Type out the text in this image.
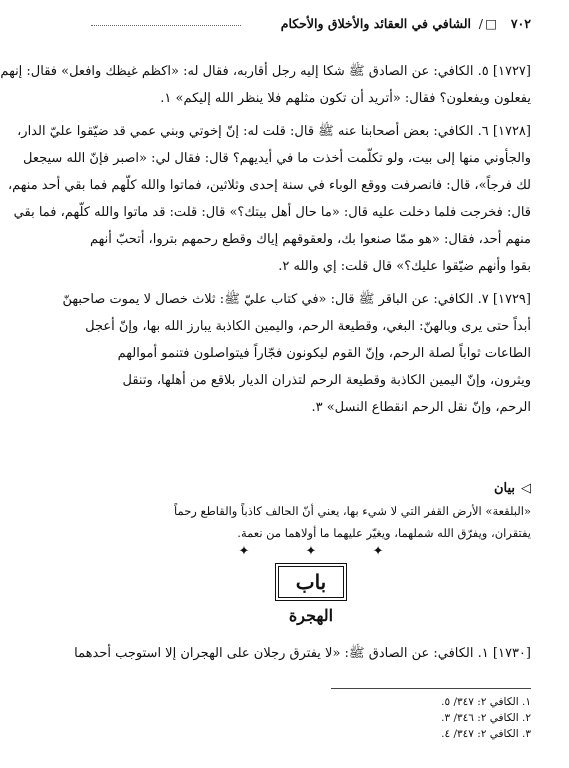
٧٠٢
□
/
الشافي في العقائد والأخلاق والأحكام
[١٧٢٧] ٥. الكافي: عن الصادق ﷺ شكا إليه رجل أقاربه، فقال له: «اكظم غيظك وافعل» فقال: إنهم
يفعلون ويفعلون؟ فقال: «أتريد أن تكون مثلهم فلا ينظر الله إليكم» ١.
[١٧٢٨] ٦. الكافي: بعض أصحابنا عنه ﷺ قال: قلت له: إنّ إخوتي وبني عمي قد ضيّقوا عليّ الدار،
والجأوني منها إلى بيت، ولو تكلّمت أخذت ما في أيديهم؟ قال: فقال لي: «اصبر فإنّ الله سيجعل
لك فرجاً»، قال: فانصرفت ووقع الوباء في سنة إحدى وثلاثين، فماتوا والله كلّهم فما بقي أحد منهم،
قال: فخرجت فلما دخلت عليه قال: «ما حال أهل بيتك؟» قال: قلت: قد ماتوا والله كلّهم، فما بقي
منهم أحد، فقال: «هو ممّا صنعوا بك، ولعقوقهم إياك وقطع رحمهم بتروا، أتحبّ أنهم
بقوا وأنهم ضيّقوا عليك؟» قال قلت: إي والله ٢.
[١٧٢٩] ٧. الكافي: عن الباقر ﷺ قال: «في كتاب عليّ ﷺ: ثلاث خصال لا يموت صاحبهنّ
أبداً حتى يرى وبالهنّ: البغي، وقطيعة الرحم، واليمين الكاذبة يبارز الله بها، وإنّ أعجل
الطاعات ثواباً لصلة الرحم، وإنّ القوم ليكونون فجّاراً فيتواصلون فتنمو أموالهم
ويثرون، وإنّ اليمين الكاذبة وقطيعة الرحم لتذران الديار بلاقع من أهلها، وتنقل
الرحم، وإنّ نقل الرحم انقطاع النسل» ٣.
◁بيان
«البلقعة» الأرض القفر التي لا شيء بها، يعني أنّ الحالف كاذباً والقاطع رحماً
يفتقران، ويفرّق الله شملهما، ويغيّر عليهما ما أولاهما من نعمة.
✦ ✦ ✦
باب
الهجرة
[١٧٣٠] ١. الكافي: عن الصادق ﷺ: «لا يفترق رجلان على الهجران إلا استوجب أحدهما
١. الكافي ٢: ٣٤٧/ ٥.
٢. الكافي ٢: ٣٤٦/ ٣.
٣. الكافي ٢: ٣٤٧/ ٤.
